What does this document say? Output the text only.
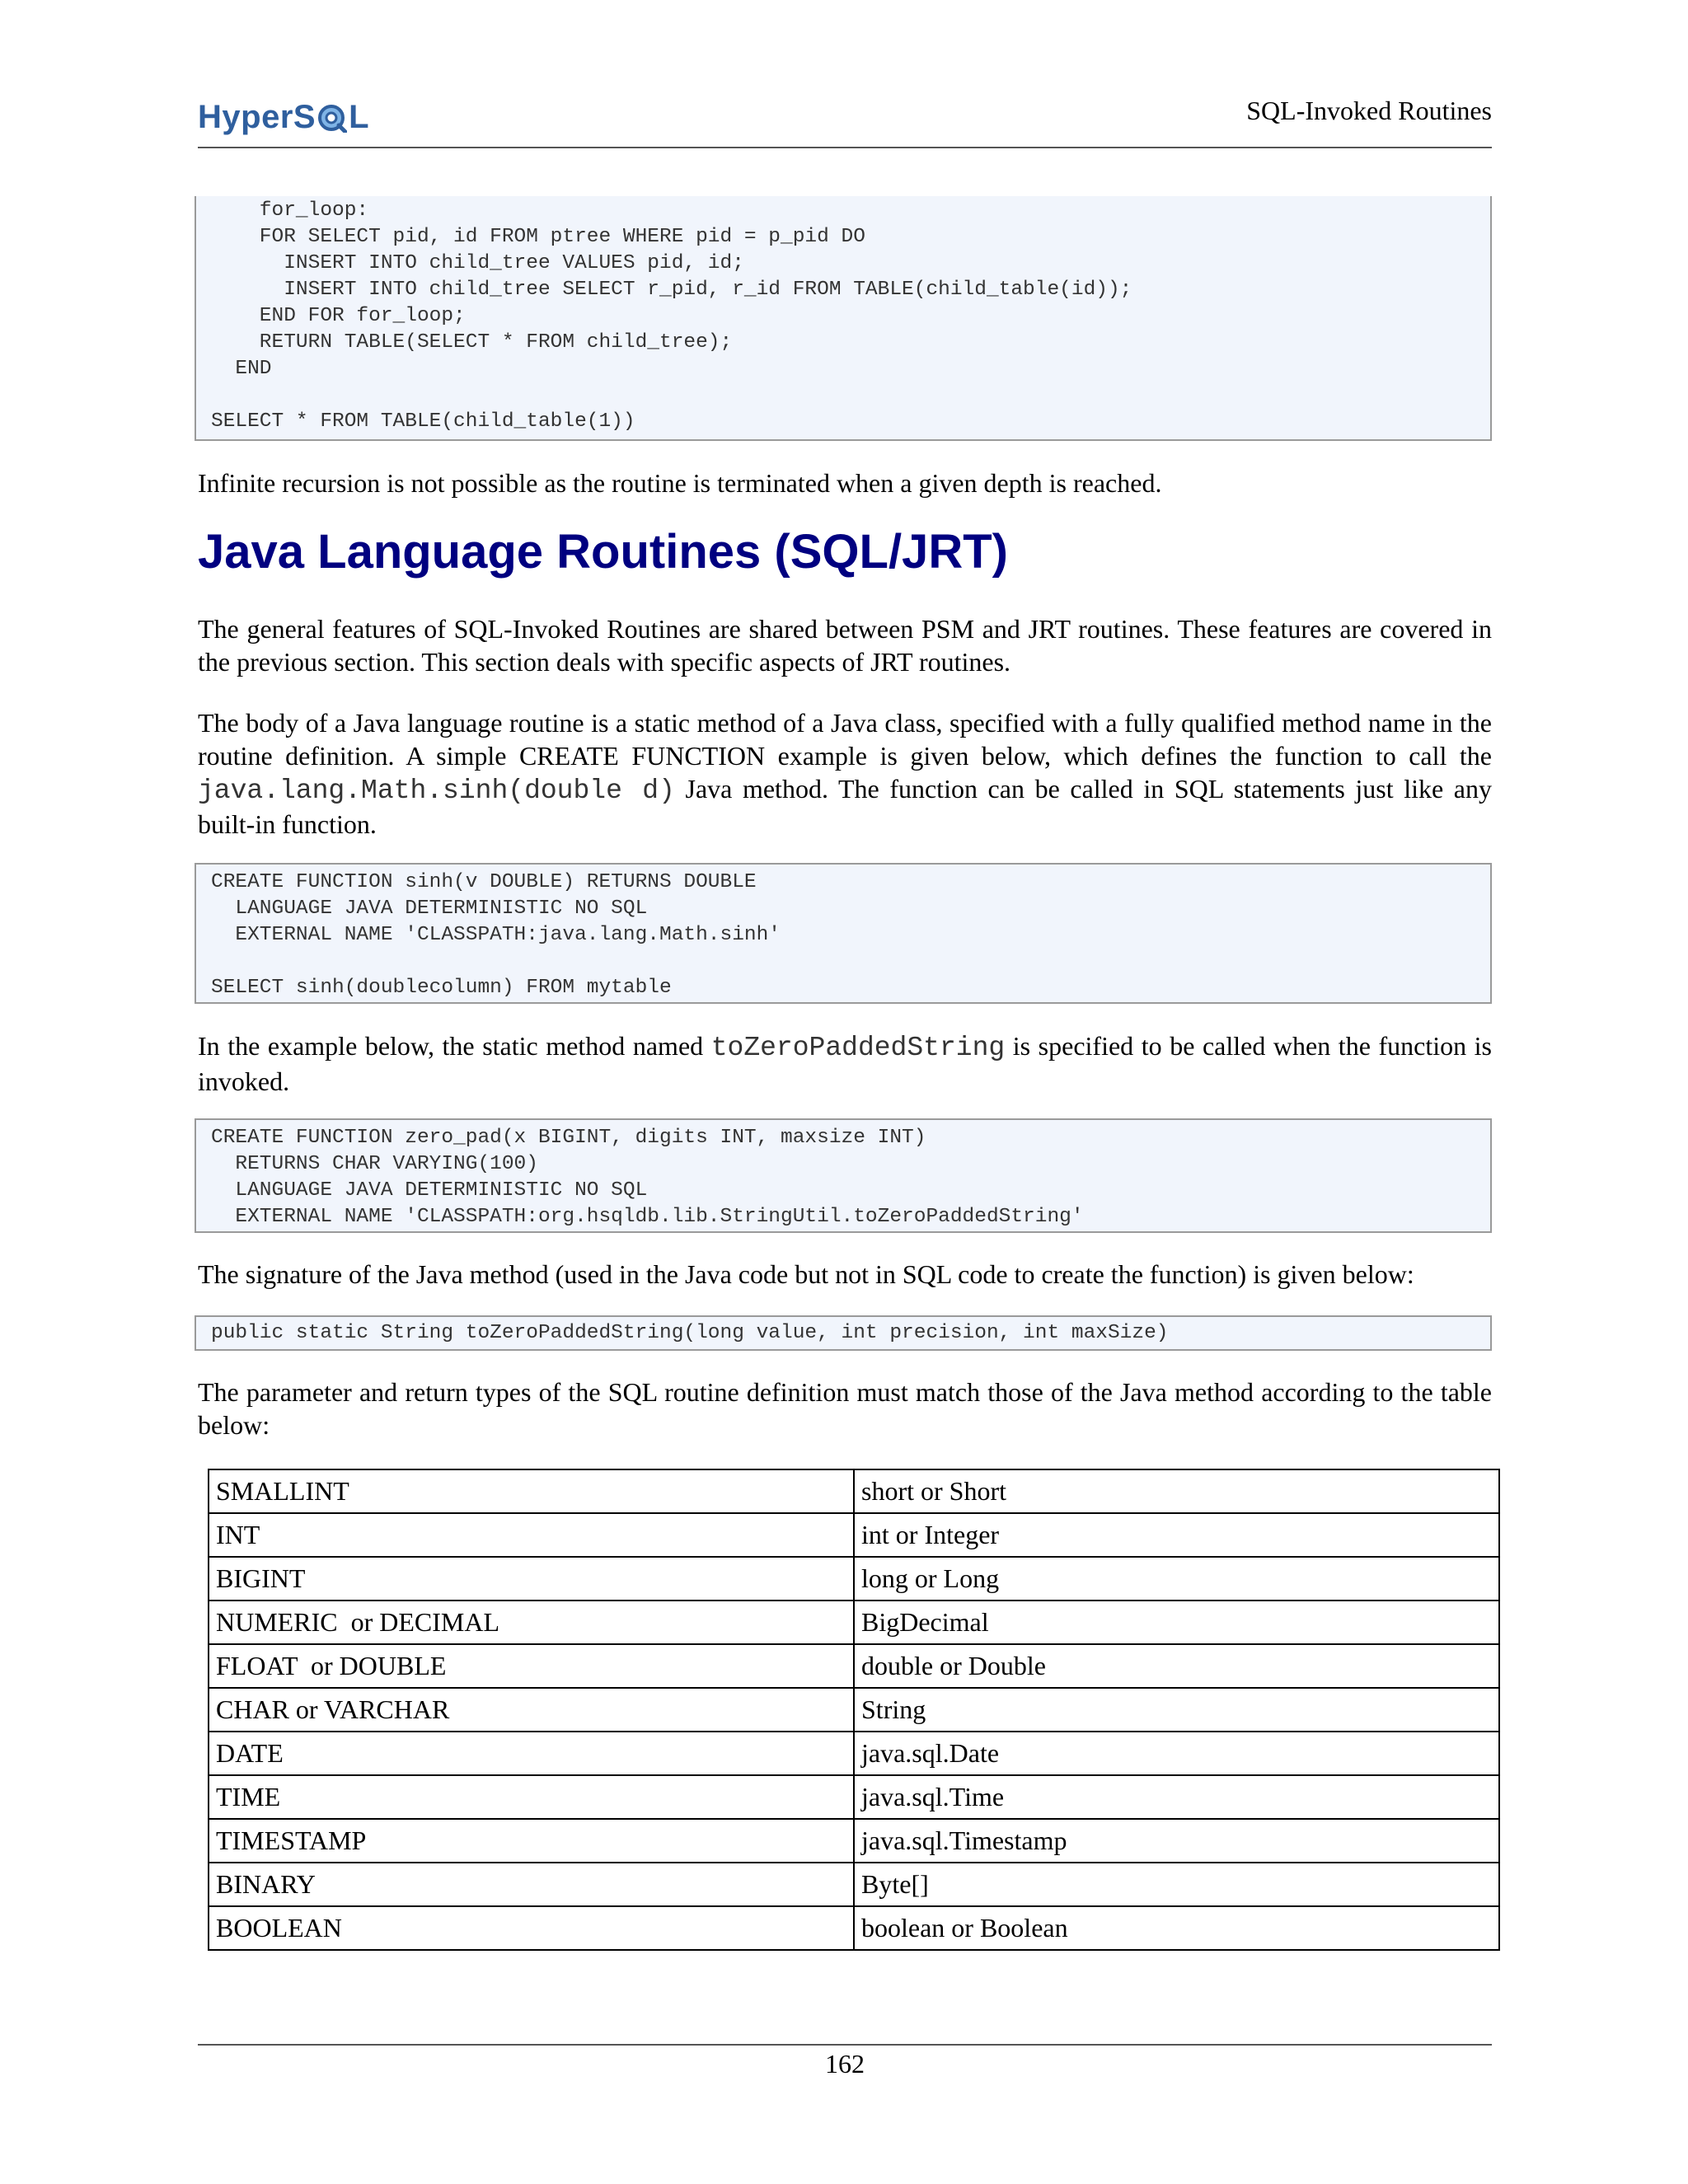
HyperS L	SQL-Invoked Routines
for_loop:
FOR SELECT pid, id FROM ptree WHERE pid = p_pid DO
INSERT INTO child_tree VALUES pid, id;
INSERT INTO child_tree SELECT r_pid, r_id FROM TABLE(child_table(id));
END FOR for_loop;
RETURN TABLE(SELECT * FROM child_tree);
END

SELECT * FROM TABLE(child_table(1))

Infinite recursion is not possible as the routine is terminated when a given depth is reached.

Java Language Routines (SQL/JRT)

The general features of SQL-Invoked Routines are shared between PSM and JRT routines. These features are covered in the previous section. This section deals with specific aspects of JRT routines.

The body of a Java language routine is a static method of a Java class, specified with a fully qualified method name in the routine definition. A simple CREATE FUNCTION example is given below, which defines the function to call the java.lang.Math.sinh(double d) Java method. The function can be called in SQL statements just like any built-in function.

CREATE FUNCTION sinh(v DOUBLE) RETURNS DOUBLE
LANGUAGE JAVA DETERMINISTIC NO SQL
EXTERNAL NAME 'CLASSPATH:java.lang.Math.sinh'

SELECT sinh(doublecolumn) FROM mytable

In the example below, the static method named toZeroPaddedString is specified to be called when the function is invoked.

CREATE FUNCTION zero_pad(x BIGINT, digits INT, maxsize INT)
RETURNS CHAR VARYING(100)
LANGUAGE JAVA DETERMINISTIC NO SQL
EXTERNAL NAME 'CLASSPATH:org.hsqldb.lib.StringUtil.toZeroPaddedString'

The signature of the Java method (used in the Java code but not in SQL code to create the function) is given below:

public static String toZeroPaddedString(long value, int precision, int maxSize)

The parameter and return types of the SQL routine definition must match those of the Java method according to the table below:

SMALLINT	short or Short
INT	int or Integer
BIGINT	long or Long
NUMERIC  or DECIMAL	BigDecimal
FLOAT  or DOUBLE	double or Double
CHAR or VARCHAR	String
DATE	java.sql.Date
TIME	java.sql.Time
TIMESTAMP	java.sql.Timestamp
BINARY	Byte[]
BOOLEAN	boolean or Boolean
162
